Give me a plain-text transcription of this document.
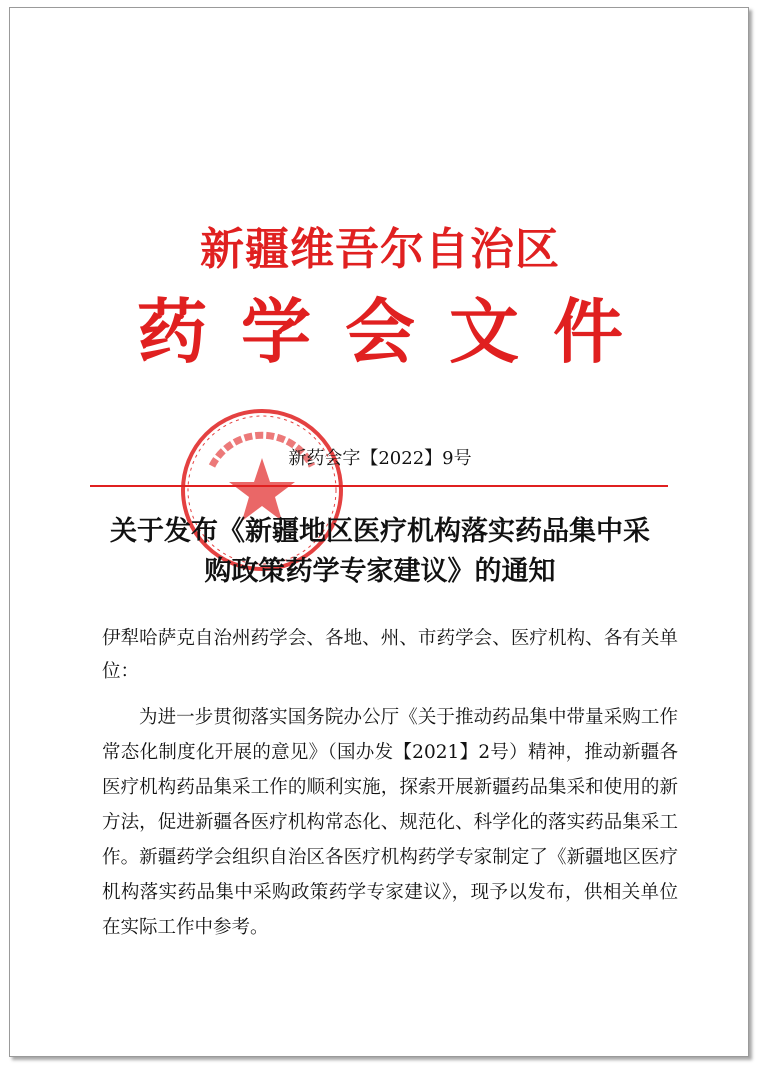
新疆维吾尔自治区
药学会文件
新药会字【2022】9号
关于发布《新疆地区医疗机构落实药品集中采
购政策药学专家建议》的通知

伊犁哈萨克自治州药学会、各地、州、市药学会、医疗机构、各有关单位：

为进一步贯彻落实国务院办公厅《关于推动药品集中带量采购工作常态化制度化开展的意见》（国办发【2021】2号）精神，推动新疆各医疗机构药品集采工作的顺利实施，探索开展新疆药品集采和使用的新方法，促进新疆各医疗机构常态化、规范化、科学化的落实药品集采工作。新疆药学会组织自治区各医疗机构药学专家制定了《新疆地区医疗机构落实药品集中采购政策药学专家建议》，现予以发布，供相关单位在实际工作中参考。
